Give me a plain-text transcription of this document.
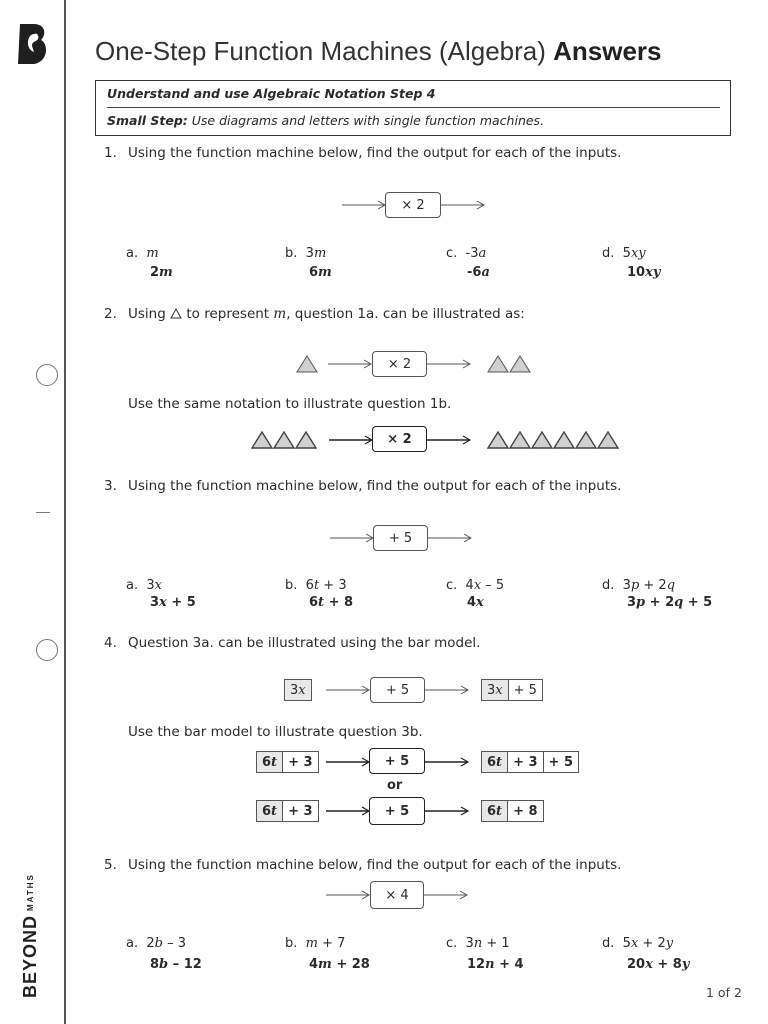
BEYONDMATHS
One-Step Function Machines (Algebra) Answers
Understand and use Algebraic Notation Step 4
Small Step: Use diagrams and letters with single function machines.
1. Using the function machine below, find the output for each of the inputs.
× 2
a. m
2m
b. 3m
6m
c. -3a
-6a
d. 5xy
10xy
2. Using  to represent m, question 1a. can be illustrated as:
× 2
Use the same notation to illustrate question 1b.
× 2
3. Using the function machine below, find the output for each of the inputs.
+ 5
a. 3x
3x + 5
b. 6t + 3
6t + 8
c. 4x – 5
4x
d. 3p + 2q
3p + 2q + 5
4. Question 3a. can be illustrated using the bar model.
3 x	+ 5	3 x + 5
Use the bar model to illustrate question 3b.
6 t + 3	+ 5	6 t + 3 + 5
or
6 t + 3	+ 5	6 t + 8
5. Using the function machine below, find the output for each of the inputs.
× 4
a. 2b – 3
8b – 12
b. m + 7
4m + 28
c. 3n + 1
12n + 4
d. 5x + 2y
20x + 8y
1 of 2
